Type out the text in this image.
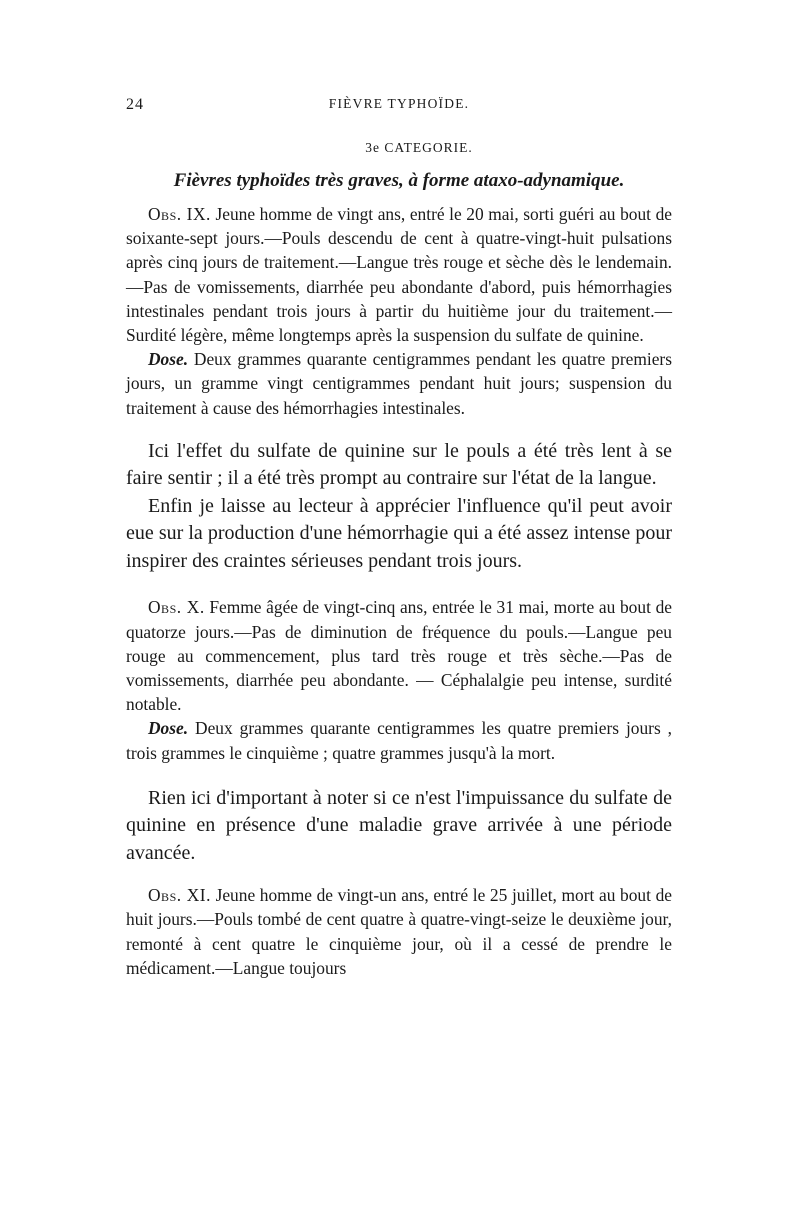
24	FIÈVRE TYPHOÏDE.
3e CATEGORIE.
Fièvres typhoïdes très graves, à forme ataxo-adynamique.

Obs. IX. Jeune homme de vingt ans, entré le 20 mai, sorti guéri au bout de soixante-sept jours.—Pouls descendu de cent à quatre-vingt-huit pulsations après cinq jours de traitement.—Langue très rouge et sèche dès le lendemain.—Pas de vomissements, diarrhée peu abondante d'abord, puis hémorrhagies intestinales pendant trois jours à partir du huitième jour du traitement.—Surdité légère, même longtemps après la suspension du sulfate de quinine.

Dose. Deux grammes quarante centigrammes pendant les quatre premiers jours, un gramme vingt centigrammes pendant huit jours; suspension du traitement à cause des hémorrhagies intestinales.

Ici l'effet du sulfate de quinine sur le pouls a été très lent à se faire sentir ; il a été très prompt au contraire sur l'état de la langue.

Enfin je laisse au lecteur à apprécier l'influence qu'il peut avoir eue sur la production d'une hémorrhagie qui a été assez intense pour inspirer des craintes sérieuses pendant trois jours.

Obs. X. Femme âgée de vingt-cinq ans, entrée le 31 mai, morte au bout de quatorze jours.—Pas de diminution de fréquence du pouls.—Langue peu rouge au commencement, plus tard très rouge et très sèche.—Pas de vomissements, diarrhée peu abondante. — Céphalalgie peu intense, surdité notable.

Dose. Deux grammes quarante centigrammes les quatre premiers jours , trois grammes le cinquième ; quatre grammes jusqu'à la mort.

Rien ici d'important à noter si ce n'est l'impuissance du sulfate de quinine en présence d'une maladie grave arrivée à une période avancée.

Obs. XI. Jeune homme de vingt-un ans, entré le 25 juillet, mort au bout de huit jours.—Pouls tombé de cent quatre à quatre-vingt-seize le deuxième jour, remonté à cent quatre le cinquième jour, où il a cessé de prendre le médicament.—Langue toujours
